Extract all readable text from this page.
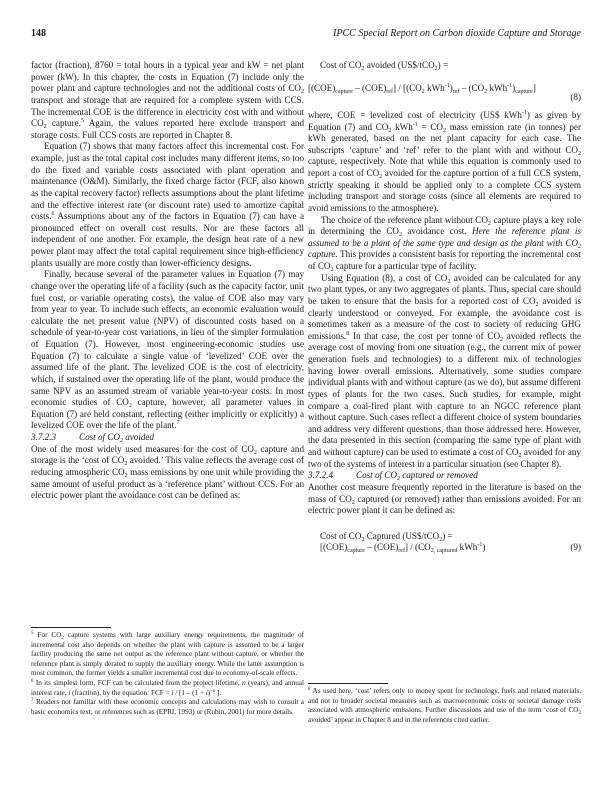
148	IPCC Special Report on Carbon dioxide Capture and Storage

factor (fraction), 8760 = total hours in a typical year and kW = net plant power (kW). In this chapter, the costs in Equation (7) include only the power plant and capture technologies and not the additional costs of $CO_2$ transport and storage that are required for a complete system with CCS. The incremental COE is the difference in electricity cost with and without $CO_2$ capture.$^5$ Again, the values reported here exclude transport and storage costs. Full CCS costs are reported in Chapter 8.

Equation (7) shows that many factors affect this incremental cost. For example, just as the total capital cost includes many different items, so too do the fixed and variable costs associated with plant operation and maintenance (O&M). Similarly, the fixed charge factor (FCF, also known as the capital recovery factor) reflects assumptions about the plant lifetime and the effective interest rate (or discount rate) used to amortize capital costs.$^6$ Assumptions about any of the factors in Equation (7) can have a pronounced effect on overall cost results. Nor are these factors all independent of one another. For example, the design heat rate of a new power plant may affect the total capital requirement since high-efficiency plants usually are more costly than lower-efficiency designs.

Finally, because several of the parameter values in Equation (7) may change over the operating life of a facility (such as the capacity factor, unit fuel cost, or variable operating costs), the value of COE also may vary from year to year. To include such effects, an economic evaluation would calculate the net present value (NPV) of discounted costs based on a schedule of year-to-year cost variations, in lieu of the simpler formulation of Equation (7). However, most engineering-economic studies use Equation (7) to calculate a single value of ‘levelized’ COE over the assumed life of the plant. The levelized COE is the cost of electricity, which, if sustained over the operating life of the plant, would produce the same NPV as an assumed stream of variable year-to-year costs. In most economic studies of $CO_2$ capture, however, all parameter values in Equation (7) are held constant, reflecting (either implicitly or explicitly) a levelized COE over the life of the plant.$^7$

3.7.2.3	Cost of $CO_2$ avoided

One of the most widely used measures for the cost of $CO_2$ capture and storage is the ‘cost of $CO_2$ avoided.’ This value reflects the average cost of reducing atmospheric $CO_2$ mass emissions by one unit while providing the same amount of useful product as a ‘reference plant’ without CCS. For an electric power plant the avoidance cost can be defined as:

$^5$ For $CO_2$ capture systems with large auxiliary energy requirements, the magnitude of incremental cost also depends on whether the plant with capture is assumed to be a larger facility producing the same net output as the reference plant without capture, or whether the reference plant is simply derated to supply the auxiliary energy. While the latter assumption is most common, the former yields a smaller incremental cost due to economy-of-scale effects.

$^6$ In its simplest form, FCF can be calculated from the project lifetime, n (years), and annual interest rate, i (fraction), by the equation: FCF = $i / [1 - (1 + i)^{-n}$ ].

$^7$ Readers not familiar with these economic concepts and calculations may wish to consult a basic economics text, or references such as (EPRI, 1993) or (Rubin, 2001) for more details.

Cost of $CO_2$ avoided (US$/tCO$_2$) =
$[(COE)_{capture} - (COE)_{ref}] / [(CO_2$ $kWh^{-1})_{ref} - (CO_2$ $kWh^{-1})_{capture}$]
(8)

where, COE = levelized cost of electricity (US$ kWh$^{-1}$) as given by Equation (7) and $CO_2$ $kWh^{-1} = CO_2$ mass emission rate (in tonnes) per kWh generated, based on the net plant capacity for each case. The subscripts ‘capture’ and ‘ref’ refer to the plant with and without $CO_2$ capture, respectively. Note that while this equation is commonly used to report a cost of $CO_2$ avoided for the capture portion of a full CCS system, strictly speaking it should be applied only to a complete CCS system including transport and storage costs (since all elements are required to avoid emissions to the atmosphere).

The choice of the reference plant without $CO_2$ capture plays a key role in determining the $CO_2$ avoidance cost. Here the reference plant is assumed to be a plant of the same type and design as the plant with $CO_2$ capture. This provides a consistent basis for reporting the incremental cost of $CO_2$ capture for a particular type of facility.

Using Equation (8), a cost of $CO_2$ avoided can be calculated for any two plant types, or any two aggregates of plants. Thus, special care should be taken to ensure that the basis for a reported cost of $CO_2$ avoided is clearly understood or conveyed. For example, the avoidance cost is sometimes taken as a measure of the cost to society of reducing GHG emissions.$^8$ In that case, the cost per tonne of $CO_2$ avoided reflects the average cost of moving from one situation (e.g., the current mix of power generation fuels and technologies) to a different mix of technologies having lower overall emissions. Alternatively, some studies compare individual plants with and without capture (as we do), but assume different types of plants for the two cases. Such studies, for example, might compare a coal-fired plant with capture to an NGCC reference plant without capture. Such cases reflect a different choice of system boundaries and address very different questions, than those addressed here. However, the data presented in this section (comparing the same type of plant with and without capture) can be used to estimate a cost of $CO_2$ avoided for any two of the systems of interest in a particular situation (see Chapter 8).

3.7.2.4	Cost of $CO_2$ captured or removed

Another cost measure frequently reported in the literature is based on the mass of $CO_2$ captured (or removed) rather than emissions avoided. For an electric power plant it can be defined as:

Cost of $CO_2$ Captured (US$/tCO$_2$) =
$[(COE)_{capture} - (COE)_{ref}] / (CO_{2, captured}$ kWh$^{-1}$)	(9)

$^8$ As used here, ‘cost’ refers only to money spent for technology, fuels and related materials, and not to broader societal measures such as macroeconomic costs or societal damage costs associated with atmospheric emissions. Further discussions and use of the term ‘cost of $CO_2$ avoided’ appear in Chapter 8 and in the references cited earlier.
